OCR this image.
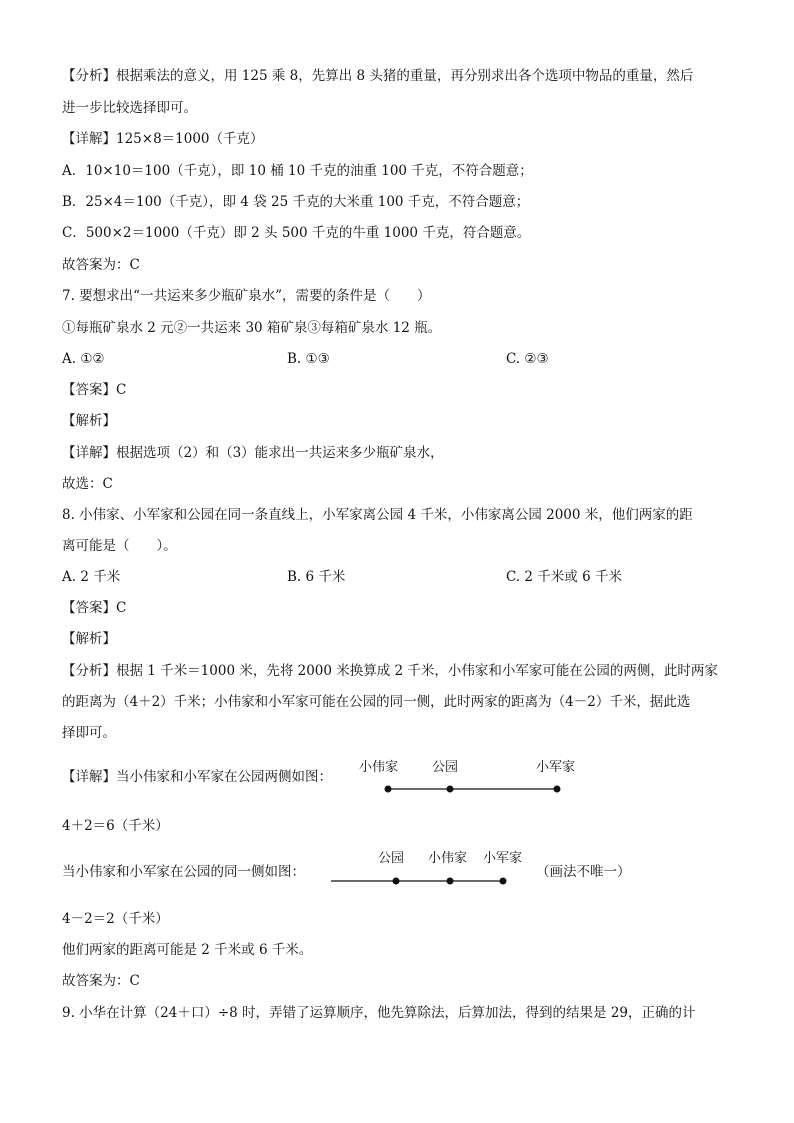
【分析】根据乘法的意义，用 125 乘 8，先算出 8 头猪的重量，再分别求出各个选项中物品的重量，然后
进一步比较选择即可。
【详解】125×8＝1000（千克）
A．10×10＝100（千克），即 10 桶 10 千克的油重 100 千克，不符合题意；
B．25×4＝100（千克），即 4 袋 25 千克的大米重 100 千克，不符合题意；
C．500×2＝1000（千克）即 2 头 500 千克的牛重 1000 千克，符合题意。
故答案为：C
7. 要想求出“一共运来多少瓶矿泉水”，需要的条件是（　　）
①每瓶矿泉水 2 元②一共运来 30 箱矿泉③每箱矿泉水 12 瓶。
A. ①②	B. ①③	C. ②③
【答案】C
【解析】
【详解】根据选项（2）和（3）能求出一共运来多少瓶矿泉水，
故选：C
8. 小伟家、小军家和公园在同一条直线上，小军家离公园 4 千米，小伟家离公园 2000 米，他们两家的距
离可能是（　　）。
A. 2 千米	B. 6 千米	C. 2 千米或 6 千米
【答案】C
【解析】
【分析】根据 1 千米＝1000 米，先将 2000 米换算成 2 千米，小伟家和小军家可能在公园的两侧，此时两家
的距离为（4＋2）千米；小伟家和小军家可能在公园的同一侧，此时两家的距离为（4－2）千米，据此选
择即可。
【详解】当小伟家和小军家在公园两侧如图：
小伟家	公园	小军家
4＋2＝6（千米）
当小伟家和小军家在公园的同一侧如图：
公园 小伟家 小军家
（画法不唯一）
4－2＝2（千米）
他们两家的距离可能是 2 千米或 6 千米。
故答案为：C
9. 小华在计算（24＋口）÷8 时，弄错了运算顺序，他先算除法，后算加法，得到的结果是 29，正确的计
